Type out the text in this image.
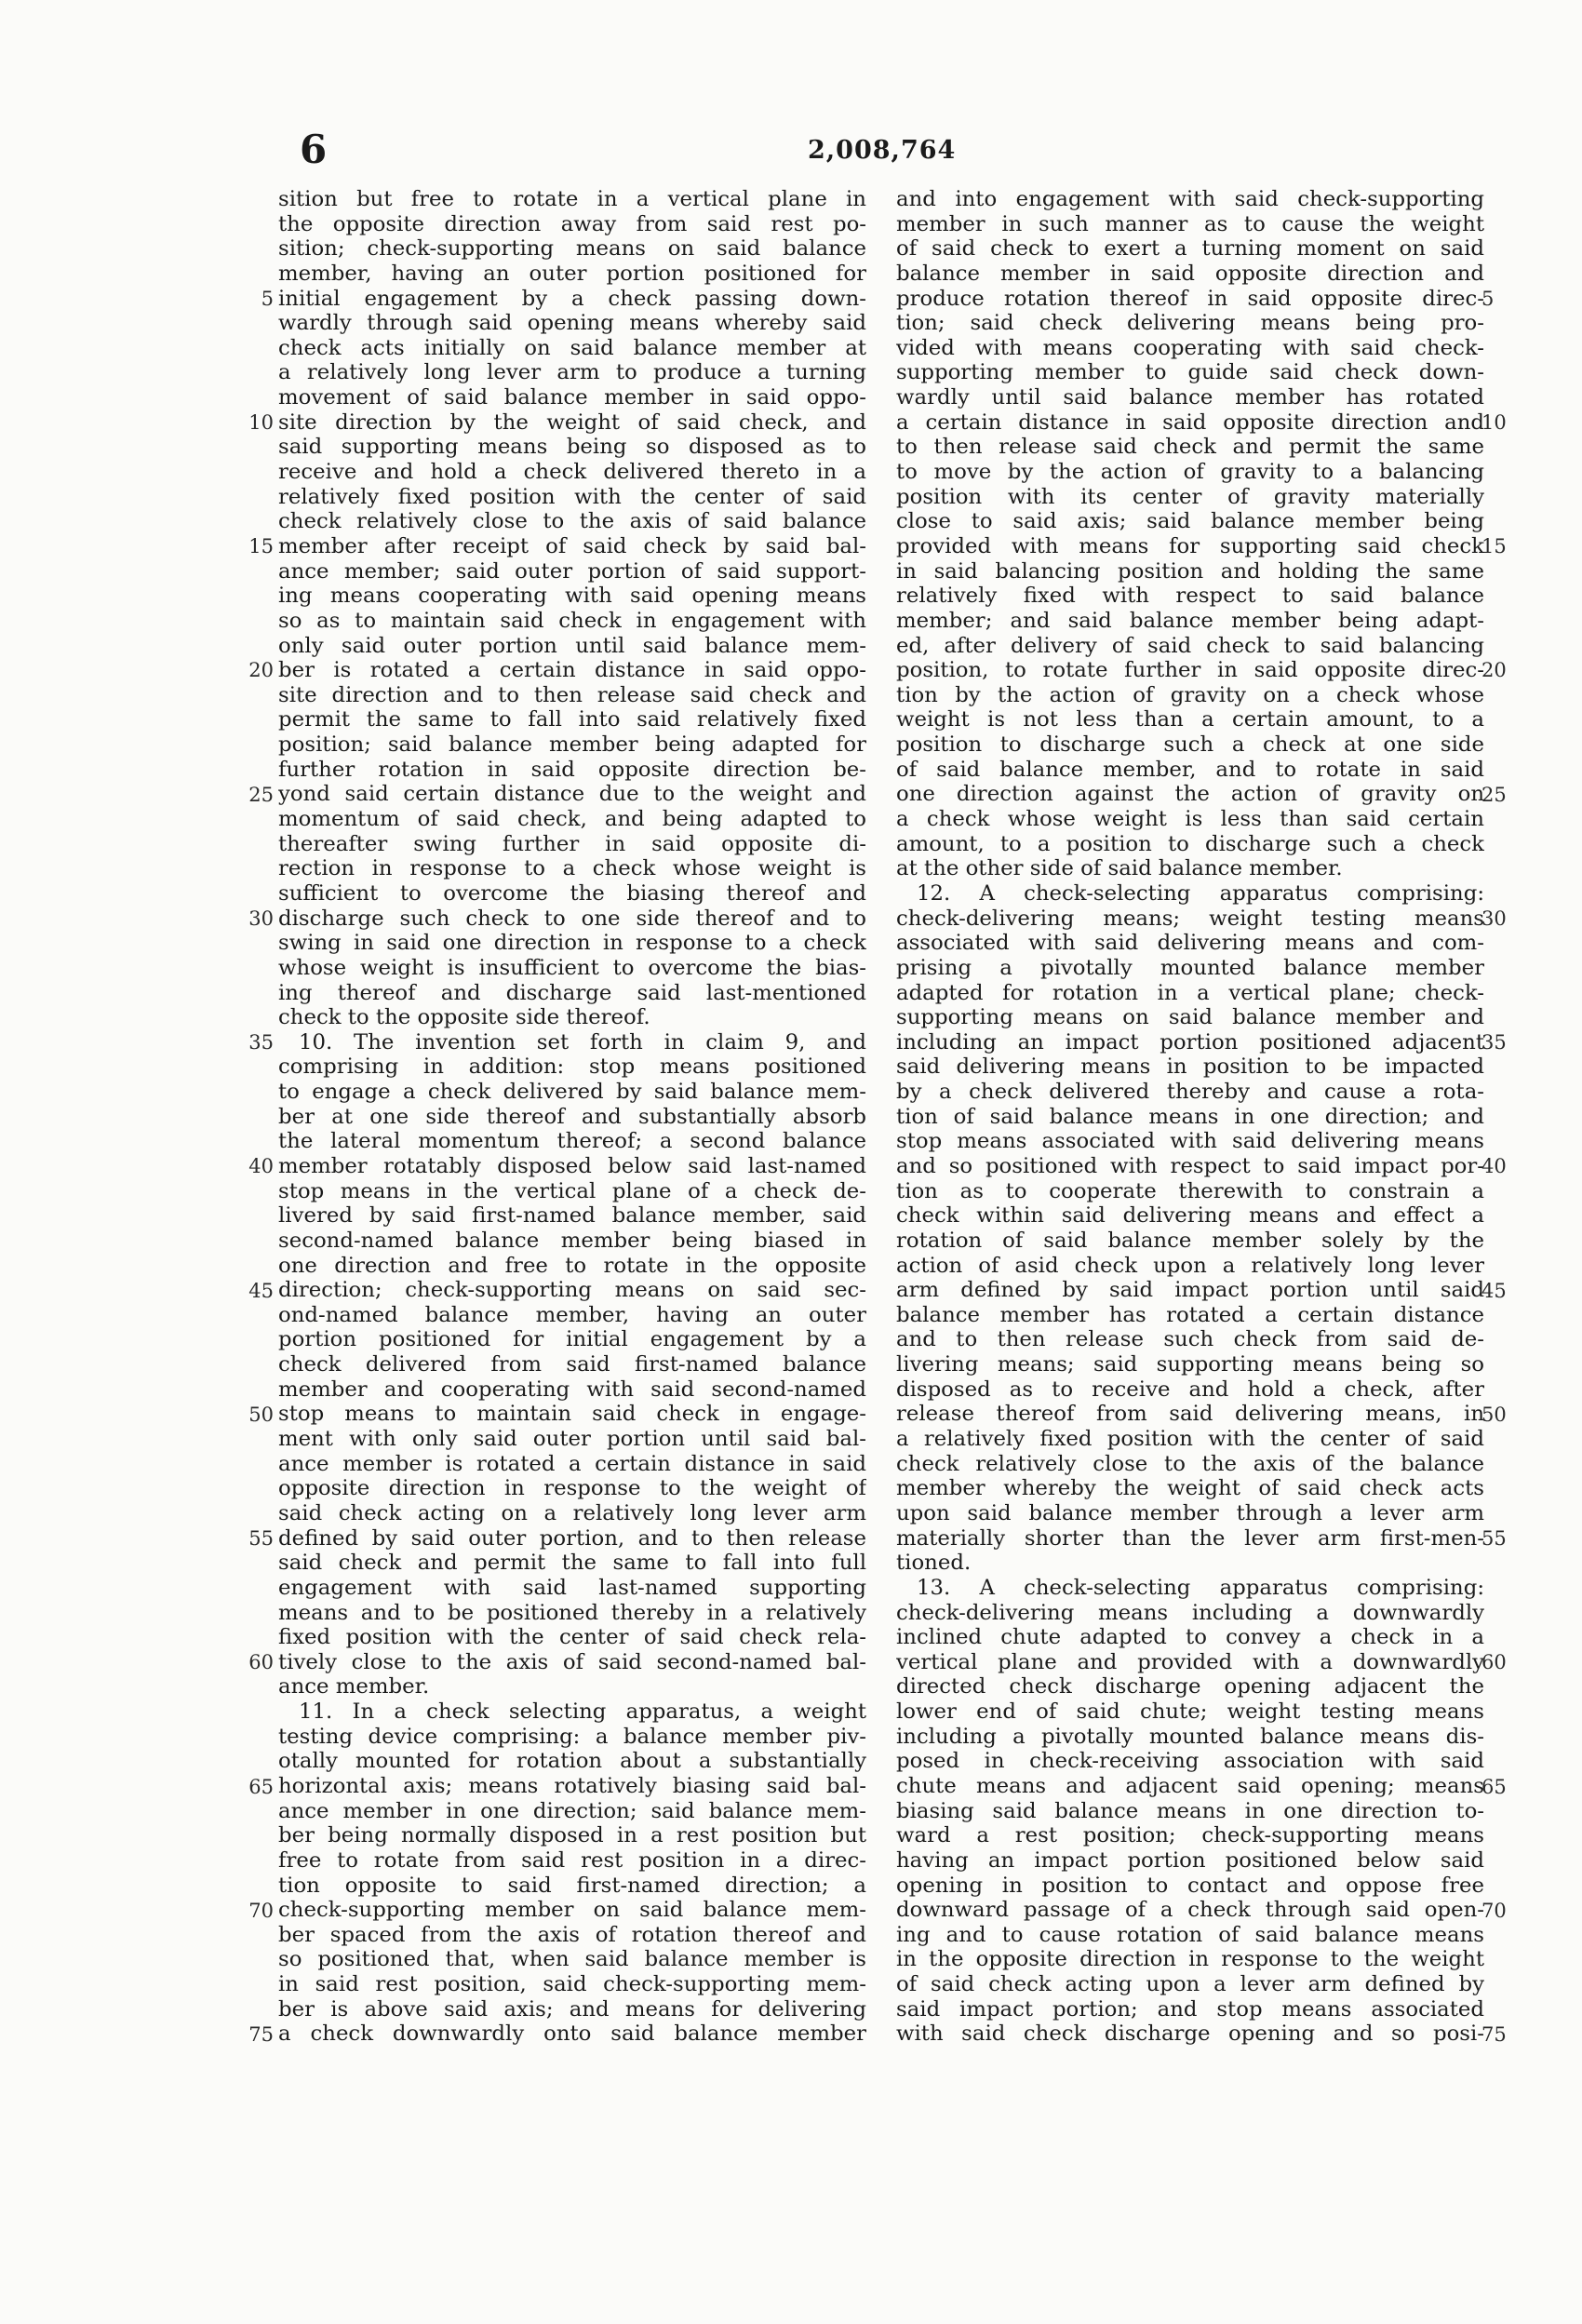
6	2,008,764
sition but free to rotate in a vertical plane in
the opposite direction away from said rest po-
sition; check-supporting means on said balance
member, having an outer portion positioned for
initial engagement by a check passing down-
wardly through said opening means whereby said
check acts initially on said balance member at
a relatively long lever arm to produce a turning
movement of said balance member in said oppo-
site direction by the weight of said check, and
said supporting means being so disposed as to
receive and hold a check delivered thereto in a
relatively fixed position with the center of said
check relatively close to the axis of said balance
member after receipt of said check by said bal-
ance member; said outer portion of said support-
ing means cooperating with said opening means
so as to maintain said check in engagement with
only said outer portion until said balance mem-
ber is rotated a certain distance in said oppo-
site direction and to then release said check and
permit the same to fall into said relatively fixed
position; said balance member being adapted for
further rotation in said opposite direction be-
yond said certain distance due to the weight and
momentum of said check, and being adapted to
thereafter swing further in said opposite di-
rection in response to a check whose weight is
sufficient to overcome the biasing thereof and
discharge such check to one side thereof and to
swing in said one direction in response to a check
whose weight is insufficient to overcome the bias-
ing thereof and discharge said last-mentioned
check to the opposite side thereof.
10. The invention set forth in claim 9, and
comprising in addition: stop means positioned
to engage a check delivered by said balance mem-
ber at one side thereof and substantially absorb
the lateral momentum thereof; a second balance
member rotatably disposed below said last-named
stop means in the vertical plane of a check de-
livered by said first-named balance member, said
second-named balance member being biased in
one direction and free to rotate in the opposite
direction; check-supporting means on said sec-
ond-named balance member, having an outer
portion positioned for initial engagement by a
check delivered from said first-named balance
member and cooperating with said second-named
stop means to maintain said check in engage-
ment with only said outer portion until said bal-
ance member is rotated a certain distance in said
opposite direction in response to the weight of
said check acting on a relatively long lever arm
defined by said outer portion, and to then release
said check and permit the same to fall into full
engagement with said last-named supporting
means and to be positioned thereby in a relatively
fixed position with the center of said check rela-
tively close to the axis of said second-named bal-
ance member.
11. In a check selecting apparatus, a weight
testing device comprising: a balance member piv-
otally mounted for rotation about a substantially
horizontal axis; means rotatively biasing said bal-
ance member in one direction; said balance mem-
ber being normally disposed in a rest position but
free to rotate from said rest position in a direc-
tion opposite to said first-named direction; a
check-supporting member on said balance mem-
ber spaced from the axis of rotation thereof and
so positioned that, when said balance member is
in said rest position, said check-supporting mem-
ber is above said axis; and means for delivering
a check downwardly onto said balance member
and into engagement with said check-supporting
member in such manner as to cause the weight
of said check to exert a turning moment on said
balance member in said opposite direction and
produce rotation thereof in said opposite direc-
tion; said check delivering means being pro-
vided with means cooperating with said check-
supporting member to guide said check down-
wardly until said balance member has rotated
a certain distance in said opposite direction and
to then release said check and permit the same
to move by the action of gravity to a balancing
position with its center of gravity materially
close to said axis; said balance member being
provided with means for supporting said check
in said balancing position and holding the same
relatively fixed with respect to said balance
member; and said balance member being adapt-
ed, after delivery of said check to said balancing
position, to rotate further in said opposite direc-
tion by the action of gravity on a check whose
weight is not less than a certain amount, to a
position to discharge such a check at one side
of said balance member, and to rotate in said
one direction against the action of gravity on
a check whose weight is less than said certain
amount, to a position to discharge such a check
at the other side of said balance member.
12. A check-selecting apparatus comprising:
check-delivering means; weight testing means
associated with said delivering means and com-
prising a pivotally mounted balance member
adapted for rotation in a vertical plane; check-
supporting means on said balance member and
including an impact portion positioned adjacent
said delivering means in position to be impacted
by a check delivered thereby and cause a rota-
tion of said balance means in one direction; and
stop means associated with said delivering means
and so positioned with respect to said impact por-
tion as to cooperate therewith to constrain a
check within said delivering means and effect a
rotation of said balance member solely by the
action of asid check upon a relatively long lever
arm defined by said impact portion until said
balance member has rotated a certain distance
and to then release such check from said de-
livering means; said supporting means being so
disposed as to receive and hold a check, after
release thereof from said delivering means, in
a relatively fixed position with the center of said
check relatively close to the axis of the balance
member whereby the weight of said check acts
upon said balance member through a lever arm
materially shorter than the lever arm first-men-
tioned.
13. A check-selecting apparatus comprising:
check-delivering means including a downwardly
inclined chute adapted to convey a check in a
vertical plane and provided with a downwardly
directed check discharge opening adjacent the
lower end of said chute; weight testing means
including a pivotally mounted balance means dis-
posed in check-receiving association with said
chute means and adjacent said opening; means
biasing said balance means in one direction to-
ward a rest position; check-supporting means
having an impact portion positioned below said
opening in position to contact and oppose free
downward passage of a check through said open-
ing and to cause rotation of said balance means
in the opposite direction in response to the weight
of said check acting upon a lever arm defined by
said impact portion; and stop means associated
with said check discharge opening and so posi-
5
10
15
20
25
30
35
40
45
50
55
60
65
70
75
5
10
15
20
25
30
35
40
45
50
55
60
65
70
75
